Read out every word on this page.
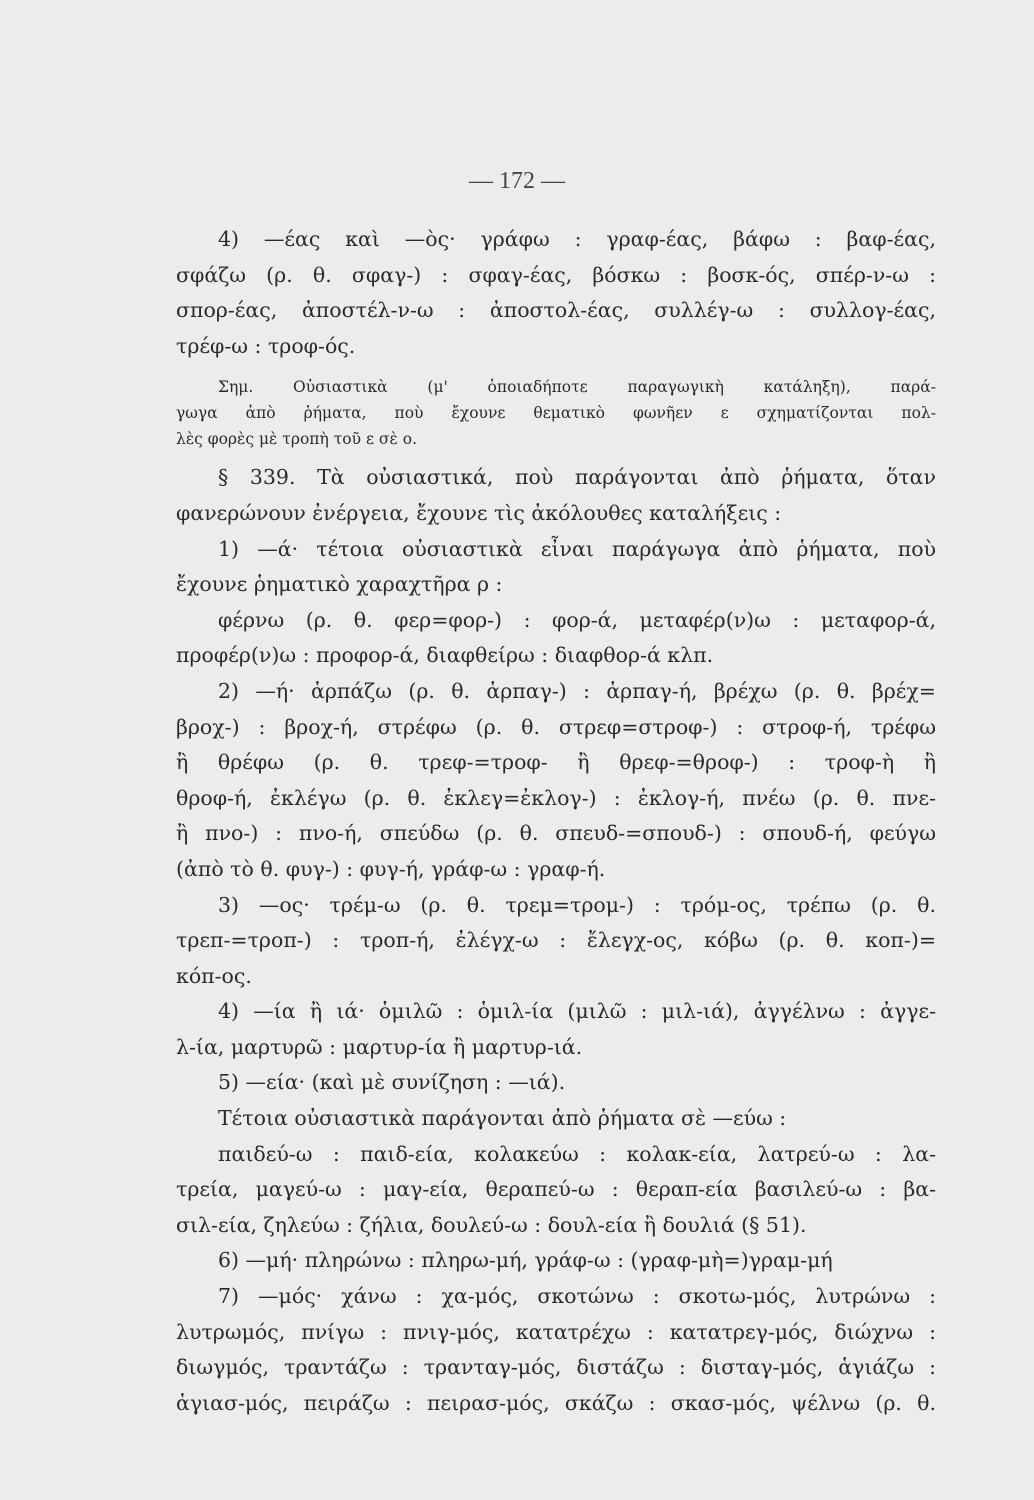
— 172 —
4) —έας καὶ —ὸς· γράφω : γραφ-έας, βάφω : βαφ-έας,
σφάζω (ρ. θ. σφαγ-) : σφαγ-έας, βόσκω : βοσκ-ός, σπέρ-ν-ω :
σπορ-έας, ἀποστέλ-ν-ω : ἀποστολ-έας, συλλέγ-ω : συλλογ-έας,
τρέφ-ω : τροφ-ός.
Σημ. Οὐσιαστικὰ (μ' ὁποιαδήποτε παραγωγικὴ κατάληξη), παρά-
γωγα ἀπὸ ῥήματα, ποὺ ἔχουνε θεματικὸ φωνῆεν ε σχηματίζονται πολ-
λὲς φορὲς μὲ τροπὴ τοῦ ε σὲ ο.
§ 339. Τὰ οὐσιαστικά, ποὺ παράγονται ἀπὸ ῥήματα, ὅταν
φανερώνουν ἐνέργεια, ἔχουνε τὶς ἀκόλουθες καταλήξεις :
1) —ά· τέτοια οὐσιαστικὰ εἶναι παράγωγα ἀπὸ ῥήματα, ποὺ
ἔχουνε ῥηματικὸ χαραχτῆρα ρ :
φέρνω (ρ. θ. φερ=φορ-) : φορ-ά, μεταφέρ(ν)ω : μεταφορ-ά,
προφέρ(ν)ω : προφορ-ά, διαφθείρω : διαφθορ-ά κλπ.
2) —ή· ἁρπάζω (ρ. θ. ἁρπαγ-) : ἁρπαγ-ή, βρέχω (ρ. θ. βρέχ=
βροχ-) : βροχ-ή, στρέφω (ρ. θ. στρεφ=στροφ-) : στροφ-ή, τρέφω
ἢ θρέφω (ρ. θ. τρεφ-=τροφ- ἢ θρεφ-=θροφ-) : τροφ-ὴ ἢ
θροφ-ή, ἐκλέγω (ρ. θ. ἐκλεγ=ἐκλογ-) : ἐκλογ-ή, πνέω (ρ. θ. πνε-
ἢ πνο-) : πνο-ή, σπεύδω (ρ. θ. σπευδ-=σπουδ-) : σπουδ-ή, φεύγω
(ἀπὸ τὸ θ. φυγ-) : φυγ-ή, γράφ-ω : γραφ-ή.
3) —ος· τρέμ-ω (ρ. θ. τρεμ=τρομ-) : τρόμ-ος, τρέπω (ρ. θ.
τρεπ-=τροπ-) : τροπ-ή, ἐλέγχ-ω : ἔλεγχ-ος, κόβω (ρ. θ. κοπ-)=
κόπ-ος.
4) —ία ἢ ιά· ὁμιλῶ : ὁμιλ-ία (μιλῶ : μιλ-ιά), ἀγγέλνω : ἀγγε-
λ-ία, μαρτυρῶ : μαρτυρ-ία ἢ μαρτυρ-ιά.
5) —εία· (καὶ μὲ συνίζηση : —ιά).
Τέτοια οὐσιαστικὰ παράγονται ἀπὸ ῥήματα σὲ —εύω :
παιδεύ-ω : παιδ-εία, κολακεύω : κολακ-εία, λατρεύ-ω : λα-
τρεία, μαγεύ-ω : μαγ-εία, θεραπεύ-ω : θεραπ-εία βασιλεύ-ω : βα-
σιλ-εία, ζηλεύω : ζήλια, δουλεύ-ω : δουλ-εία ἢ δουλιά (§ 51).
6) —μή· πληρώνω : πληρω-μή, γράφ-ω : (γραφ-μὴ=)γραμ-μή
7) —μός· χάνω : χα-μός, σκοτώνω : σκοτω-μός, λυτρώνω :
λυτρωμός, πνίγω : πνιγ-μός, κατατρέχω : κατατρεγ-μός, διώχνω :
διωγμός, τραντάζω : τρανταγ-μός, διστάζω : δισταγ-μός, ἁγιάζω :
ἁγιασ-μός, πειράζω : πειρασ-μός, σκάζω : σκασ-μός, ψέλνω (ρ. θ.
